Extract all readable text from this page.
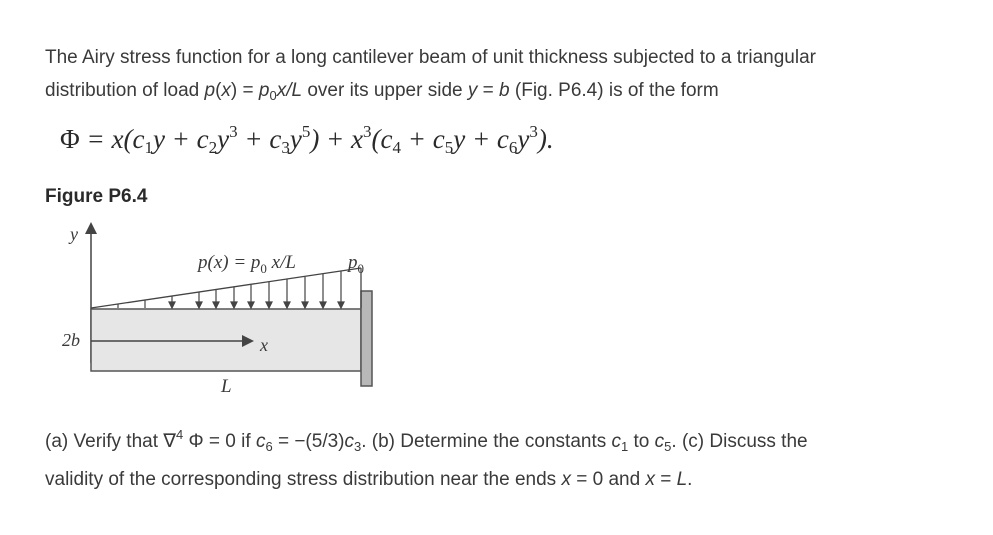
The Airy stress function for a long cantilever beam of unit thickness subjected to a triangular
distribution of load $p(x) = p_0x/L$ over its upper side y = b (Fig. P6.4) is of the form

$\Phi = x(c1y + c2y^3 + c3y^5) + x^3(c4 + c5y + c6y^3)$.

Figure P6.4

y
$p(x) = p_0$ x/L	$p_0$
x
2b
L

(a) Verify that ∇$^4$ Φ = 0 if $c_6 = -(5/3)c_3$. (b) Determine the constants $c_1$ to $c_5$. (c) Discuss the
validity of the corresponding stress distribution near the ends x = 0 and x = L.
